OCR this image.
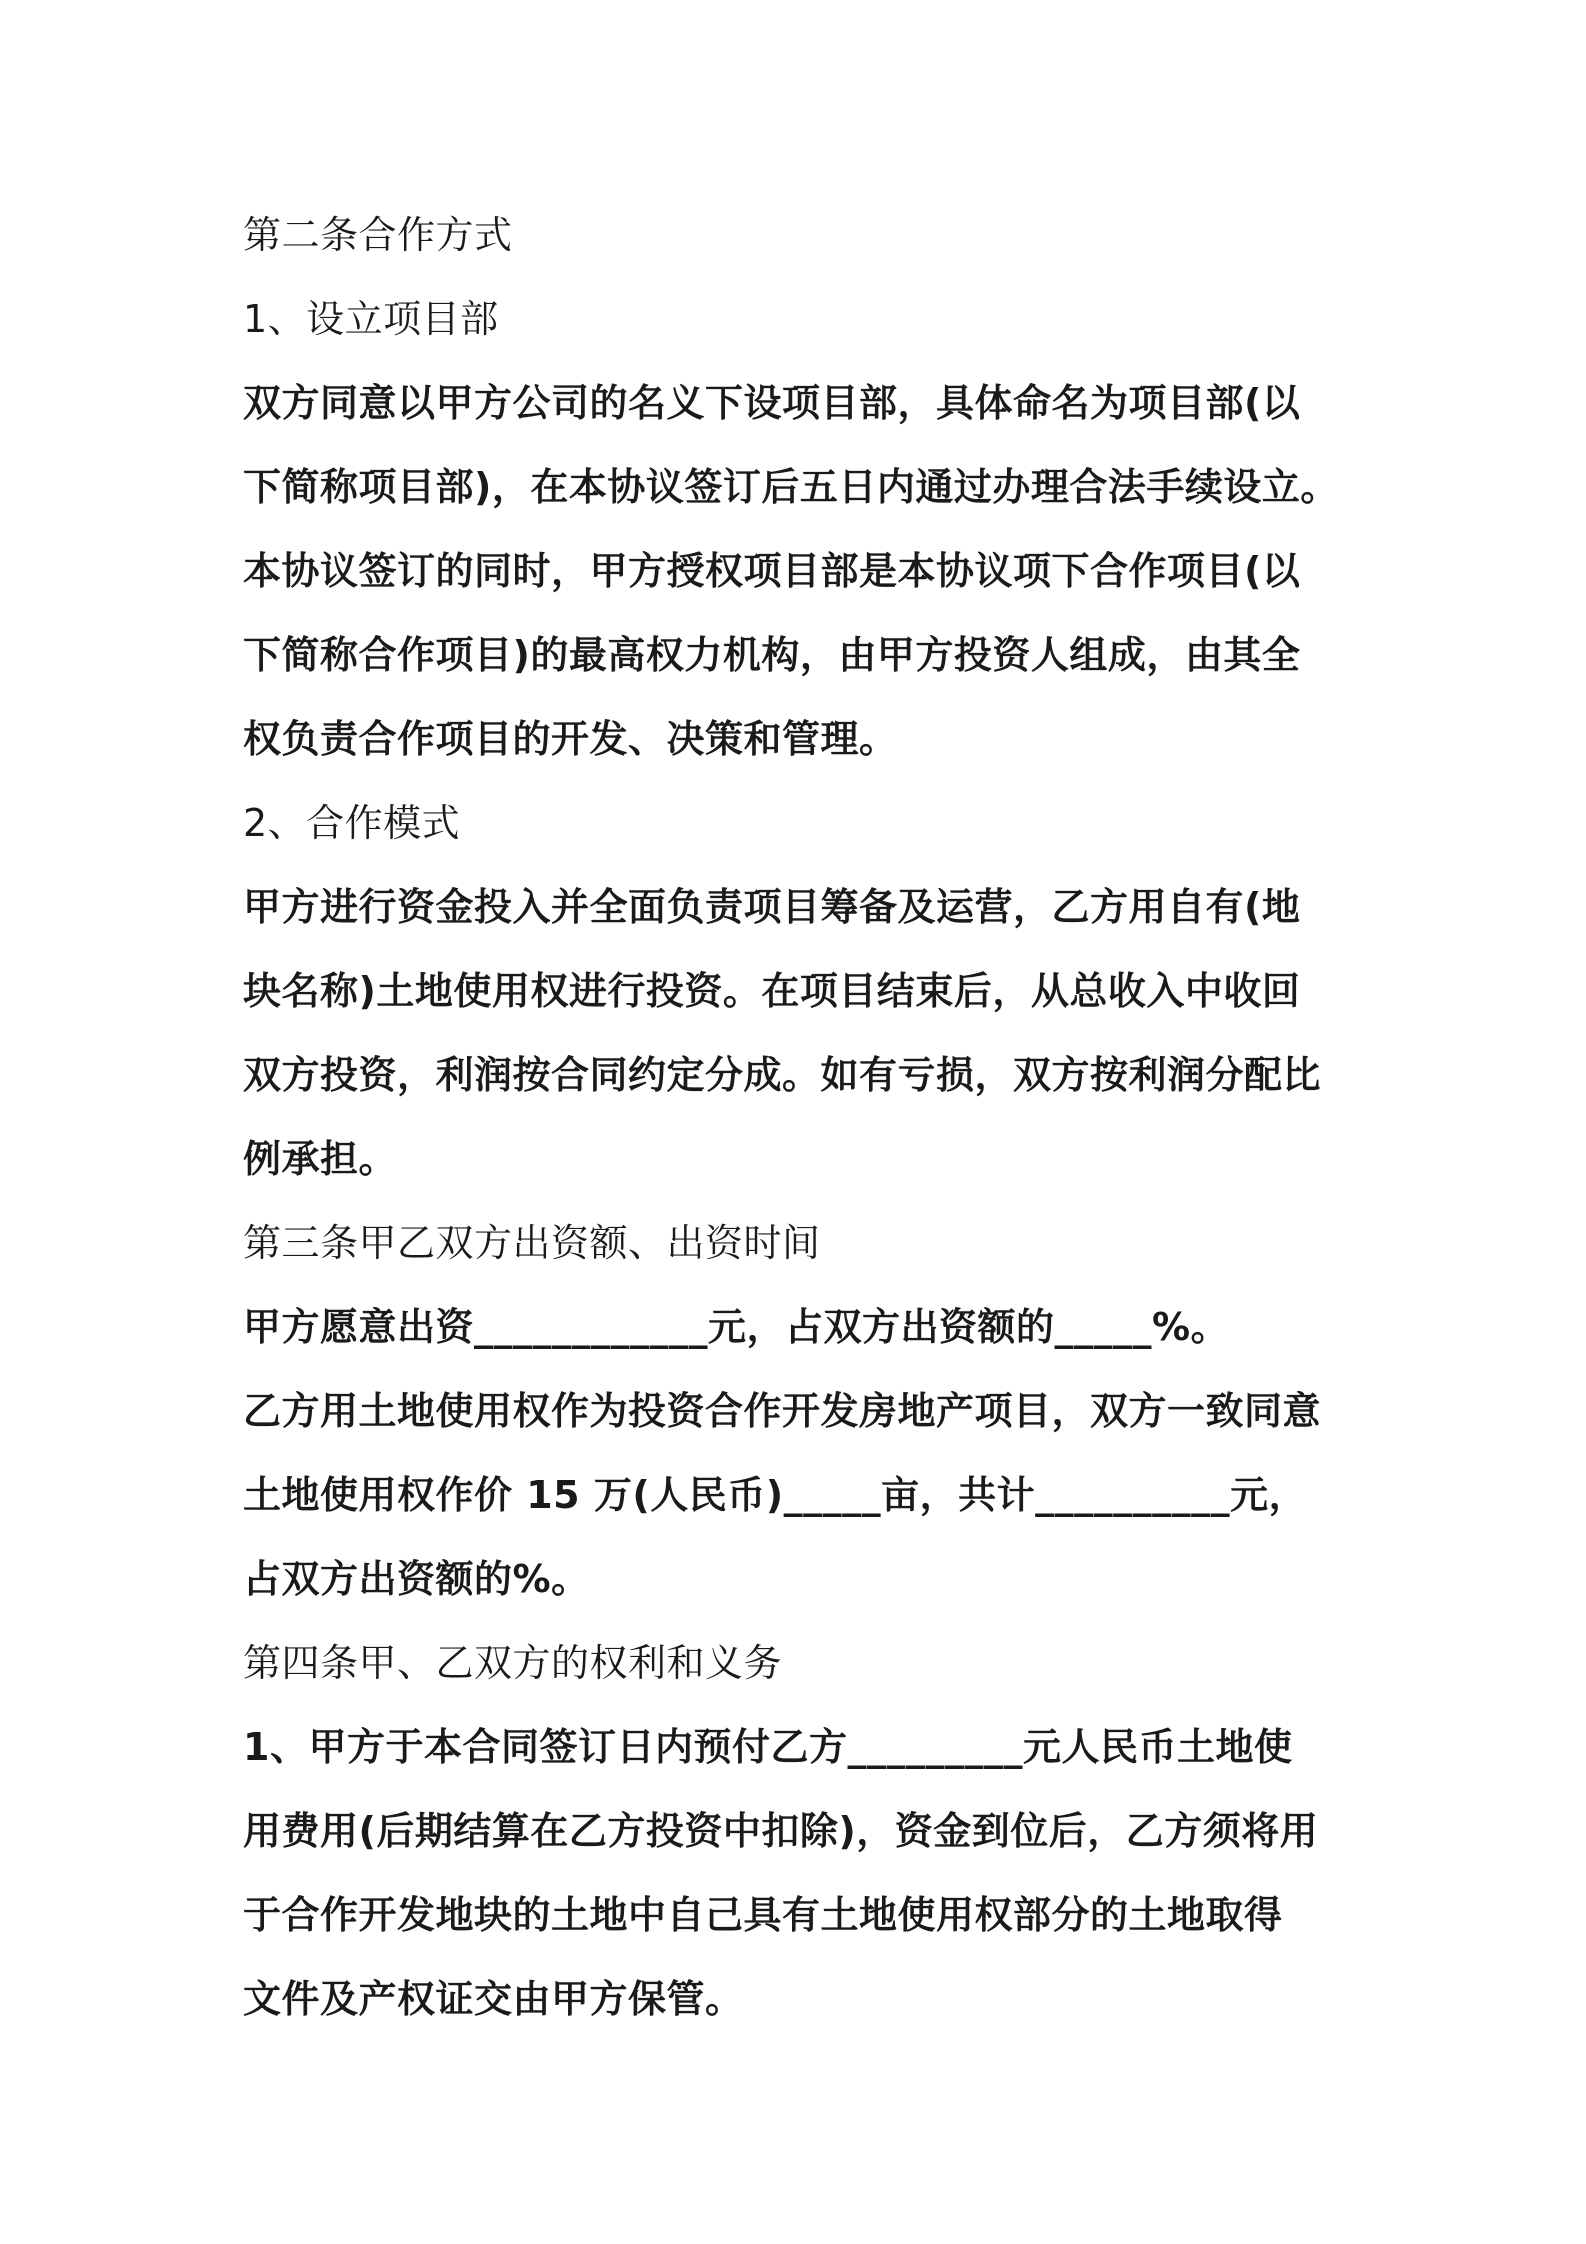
第二条合作方式
1、设立项目部
双方同意以甲方公司的名义下设项目部，具体命名为项目部(以
下简称项目部)，在本协议签订后五日内通过办理合法手续设立。
本协议签订的同时，甲方授权项目部是本协议项下合作项目(以
下简称合作项目)的最高权力机构，由甲方投资人组成，由其全
权负责合作项目的开发、决策和管理。
2、合作模式
甲方进行资金投入并全面负责项目筹备及运营，乙方用自有(地
块名称)土地使用权进行投资。在项目结束后，从总收入中收回
双方投资，利润按合同约定分成。如有亏损，双方按利润分配比
例承担。
第三条甲乙双方出资额、出资时间
甲方愿意出资____________元，占双方出资额的_____%。
乙方用土地使用权作为投资合作开发房地产项目，双方一致同意
土地使用权作价 15 万(人民币)_____亩，共计__________元，
占双方出资额的%。
第四条甲、乙双方的权利和义务
1、甲方于本合同签订日内预付乙方_________元人民币土地使
用费用(后期结算在乙方投资中扣除)，资金到位后，乙方须将用
于合作开发地块的土地中自己具有土地使用权部分的土地取得
文件及产权证交由甲方保管。
